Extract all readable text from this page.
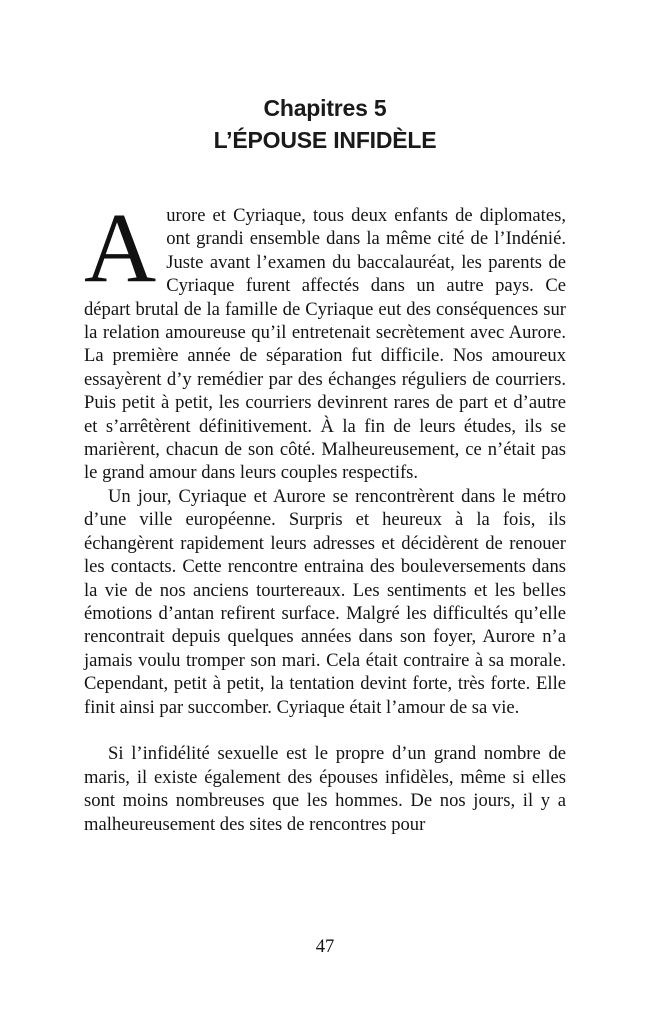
Chapitres 5
L’ÉPOUSE INFIDÈLE
A urore et Cyriaque, tous deux enfants de diplomates, ont grandi ensemble dans la même cité de l’Indénié. Juste avant l’examen du baccalauréat, les parents de Cyriaque furent affectés dans un autre pays. Ce départ brutal de la famille de Cyriaque eut des conséquences sur la relation amoureuse qu’il entretenait secrètement avec Aurore. La première année de séparation fut difficile. Nos amoureux essayèrent d’y remédier par des échanges réguliers de courriers. Puis petit à petit, les courriers devinrent rares de part et d’autre et s’arrêtèrent définitivement. À la fin de leurs études, ils se marièrent, chacun de son côté. Malheureusement, ce n’était pas le grand amour dans leurs couples respectifs.

Un jour, Cyriaque et Aurore se rencontrèrent dans le métro d’une ville européenne. Surpris et heureux à la fois, ils échangèrent rapidement leurs adresses et décidèrent de renouer les contacts. Cette rencontre entraina des bouleversements dans la vie de nos anciens tourtereaux. Les sentiments et les belles émotions d’antan refirent surface. Malgré les difficultés qu’elle rencontrait depuis quelques années dans son foyer, Aurore n’a jamais voulu tromper son mari. Cela était contraire à sa morale. Cependant, petit à petit, la tentation devint forte, très forte. Elle finit ainsi par succomber. Cyriaque était l’amour de sa vie.

Si l’infidélité sexuelle est le propre d’un grand nombre de maris, il existe également des épouses infidèles, même si elles sont moins nombreuses que les hommes. De nos jours, il y a malheureusement des sites de rencontres pour

47
